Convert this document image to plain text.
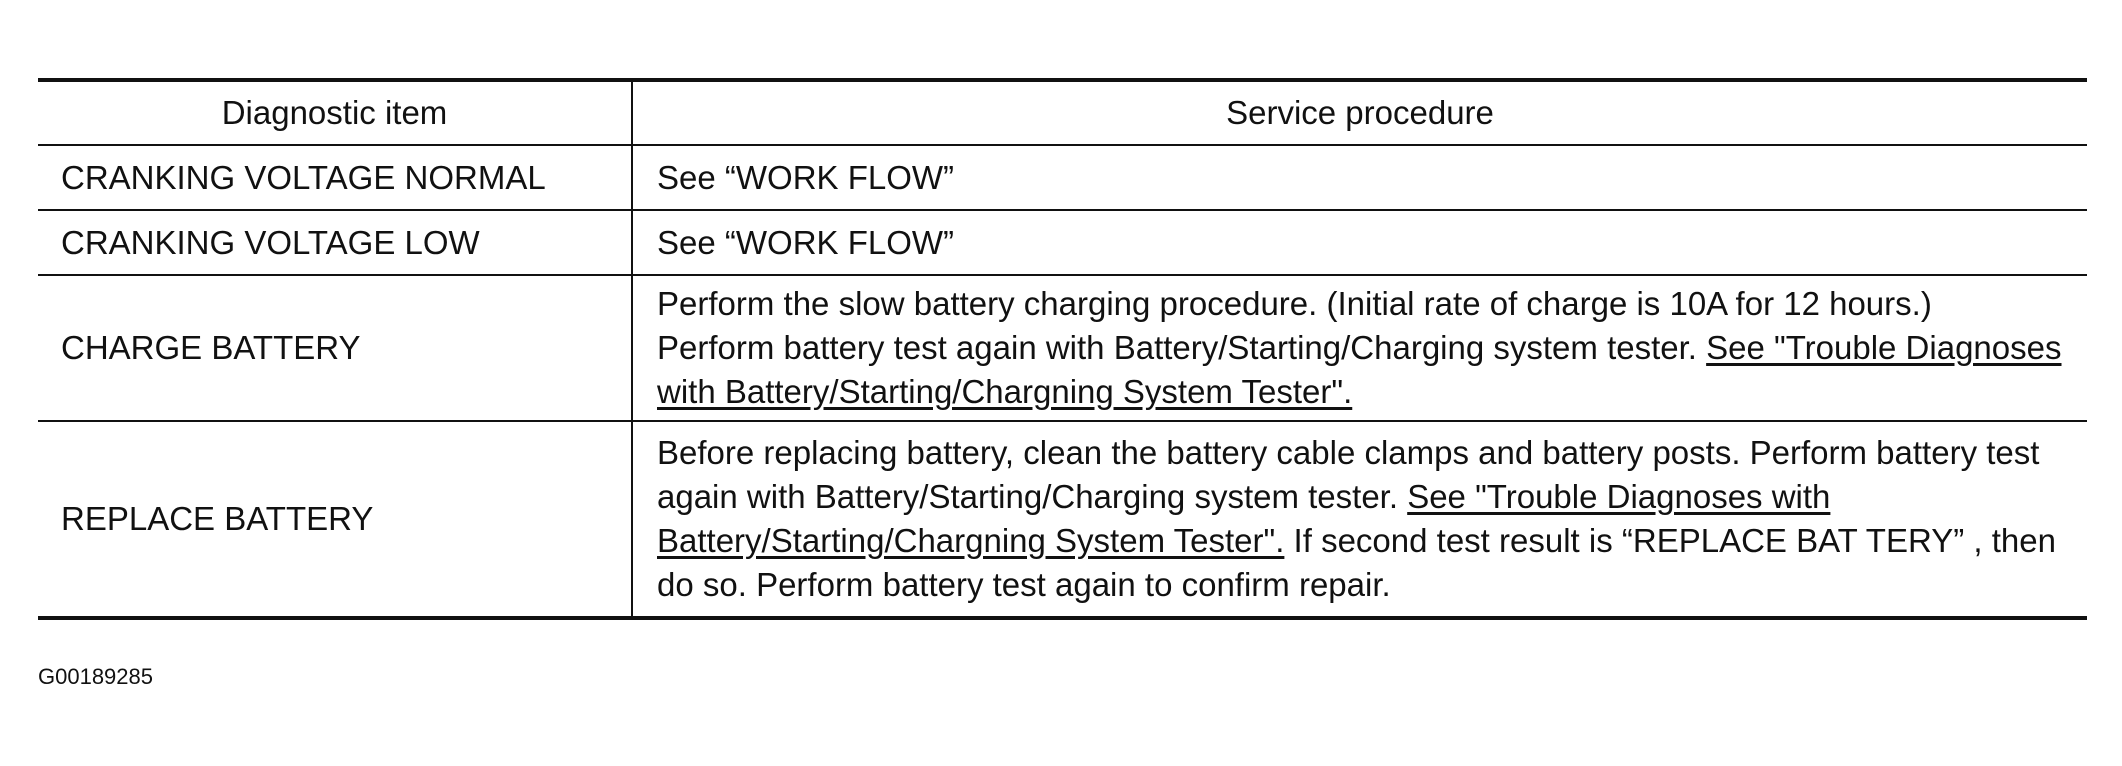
Diagnostic item	Service procedure
CRANKING VOLTAGE NORMAL	See “WORK FLOW”
CRANKING VOLTAGE LOW	See “WORK FLOW”
CHARGE BATTERY	Perform the slow battery charging procedure. (Initial rate of charge is 10A for 12 hours.)
Perform battery test again with Battery/Starting/Charging system tester. See "Trouble Diagnoses with Battery/Starting/Chargning System Tester".
REPLACE BATTERY	Before replacing battery, clean the battery cable clamps and battery posts. Perform battery test again with Battery/Starting/Charging system tester. See "Trouble Diagnoses with Battery/Starting/Chargning System Tester". If second test result is “REPLACE BAT TERY” , then do so. Perform battery test again to confirm repair.
G00189285
